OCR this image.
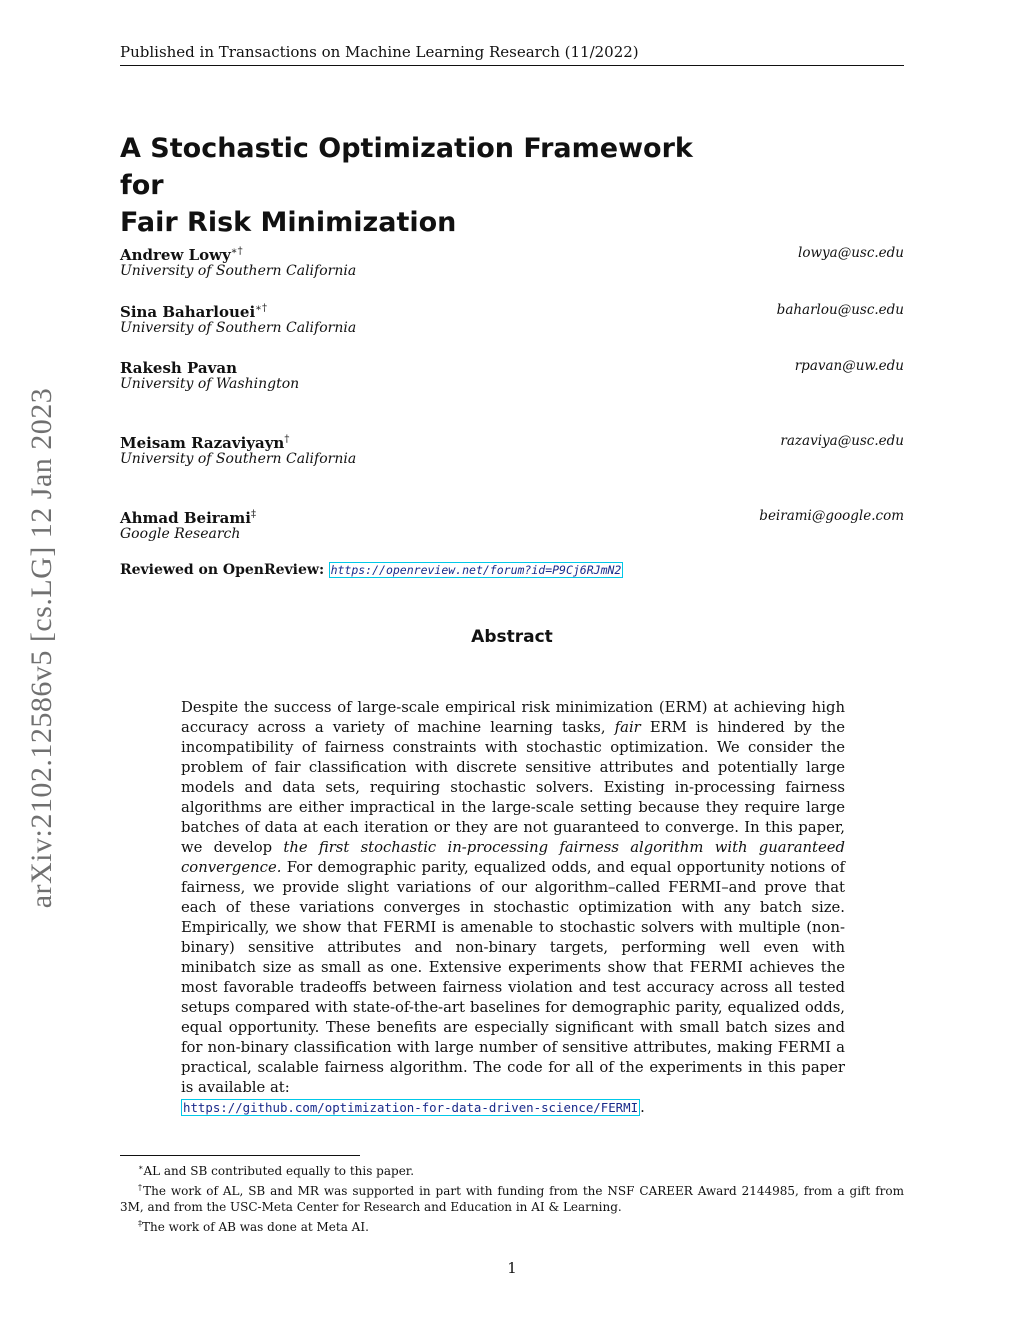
Published in Transactions on Machine Learning Research (11/2022)
arXiv:2102.12586v5 [cs.LG] 12 Jan 2023
A Stochastic Optimization Framework for
Fair Risk Minimization
Andrew Lowy∗†
University of Southern California
lowya@usc.edu
Sina Baharlouei∗†
University of Southern California
baharlou@usc.edu
Rakesh Pavan
University of Washington
rpavan@uw.edu
Meisam Razaviyayn†
University of Southern California
razaviya@usc.edu
Ahmad Beirami‡
Google Research
beirami@google.com
Reviewed on OpenReview: https://openreview.net/forum?id=P9Cj6RJmN2
Abstract
Despite the success of large-scale empirical risk minimization (ERM) at achieving high accuracy across a variety of machine learning tasks, fair ERM is hindered by the incompatibility of fairness constraints with stochastic optimization. We consider the problem of fair classification with discrete sensitive attributes and potentially large models and data sets, requiring stochastic solvers. Existing in-processing fairness algorithms are either impractical in the large-scale setting because they require large batches of data at each iteration or they are not guaranteed to converge. In this paper, we develop the first stochastic in-processing fairness algorithm with guaranteed convergence. For demographic parity, equalized odds, and equal opportunity notions of fairness, we provide slight variations of our algorithm–called FERMI–and prove that each of these variations converges in stochastic optimization with any batch size. Empirically, we show that FERMI is amenable to stochastic solvers with multiple (non-binary) sensitive attributes and non-binary targets, performing well even with minibatch size as small as one. Extensive experiments show that FERMI achieves the most favorable tradeoffs between fairness violation and test accuracy across all tested setups compared with state-of-the-art baselines for demographic parity, equalized odds, equal opportunity. These benefits are especially significant with small batch sizes and for non-binary classification with large number of sensitive attributes, making FERMI a practical, scalable fairness algorithm. The code for all of the experiments in this paper is available at:
https://github.com/optimization-for-data-driven-science/FERMI .

∗AL and SB contributed equally to this paper.

†The work of AL, SB and MR was supported in part with funding from the NSF CAREER Award 2144985, from a gift from 3M, and from the USC-Meta Center for Research and Education in AI & Learning.

‡The work of AB was done at Meta AI.

1
